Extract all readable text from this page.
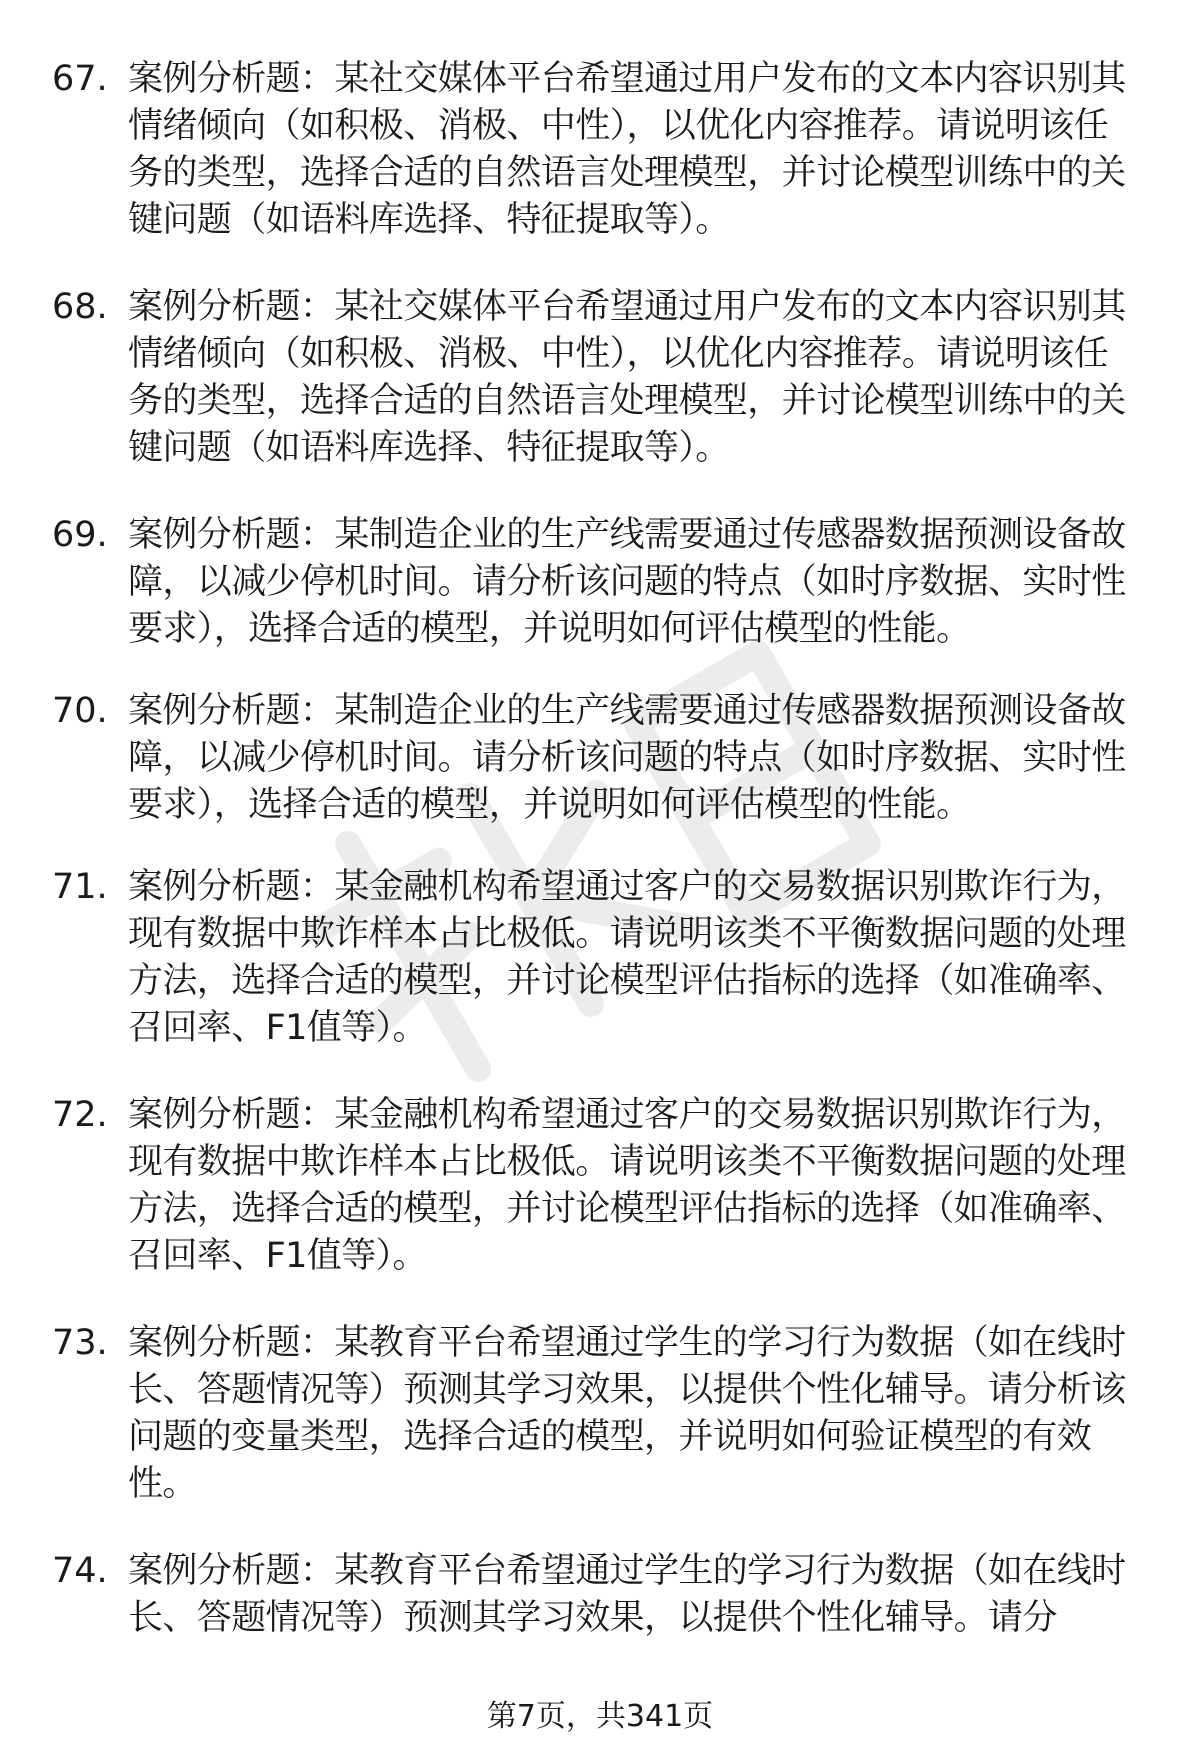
67. 案例分析题：某社交媒体平台希望通过用户发布的文本内容识别其情绪倾向（如积极、消极、中性），以优化内容推荐。请说明该任务的类型，选择合适的自然语言处理模型，并讨论模型训练中的关键问题（如语料库选择、特征提取等）。
68. 案例分析题：某社交媒体平台希望通过用户发布的文本内容识别其情绪倾向（如积极、消极、中性），以优化内容推荐。请说明该任务的类型，选择合适的自然语言处理模型，并讨论模型训练中的关键问题（如语料库选择、特征提取等）。
69. 案例分析题：某制造企业的生产线需要通过传感器数据预测设备故障，以减少停机时间。请分析该问题的特点（如时序数据、实时性要求），选择合适的模型，并说明如何评估模型的性能。
70. 案例分析题：某制造企业的生产线需要通过传感器数据预测设备故障，以减少停机时间。请分析该问题的特点（如时序数据、实时性要求），选择合适的模型，并说明如何评估模型的性能。
71. 案例分析题：某金融机构希望通过客户的交易数据识别欺诈行为，现有数据中欺诈样本占比极低。请说明该类不平衡数据问题的处理方法，选择合适的模型，并讨论模型评估指标的选择（如准确率、召回率、F1值等）。
72. 案例分析题：某金融机构希望通过客户的交易数据识别欺诈行为，现有数据中欺诈样本占比极低。请说明该类不平衡数据问题的处理方法，选择合适的模型，并讨论模型评估指标的选择（如准确率、召回率、F1值等）。
73. 案例分析题：某教育平台希望通过学生的学习行为数据（如在线时长、答题情况等）预测其学习效果，以提供个性化辅导。请分析该问题的变量类型，选择合适的模型，并说明如何验证模型的有效性。
74. 案例分析题：某教育平台希望通过学生的学习行为数据（如在线时长、答题情况等）预测其学习效果，以提供个性化辅导。请分
第7页，共341页
